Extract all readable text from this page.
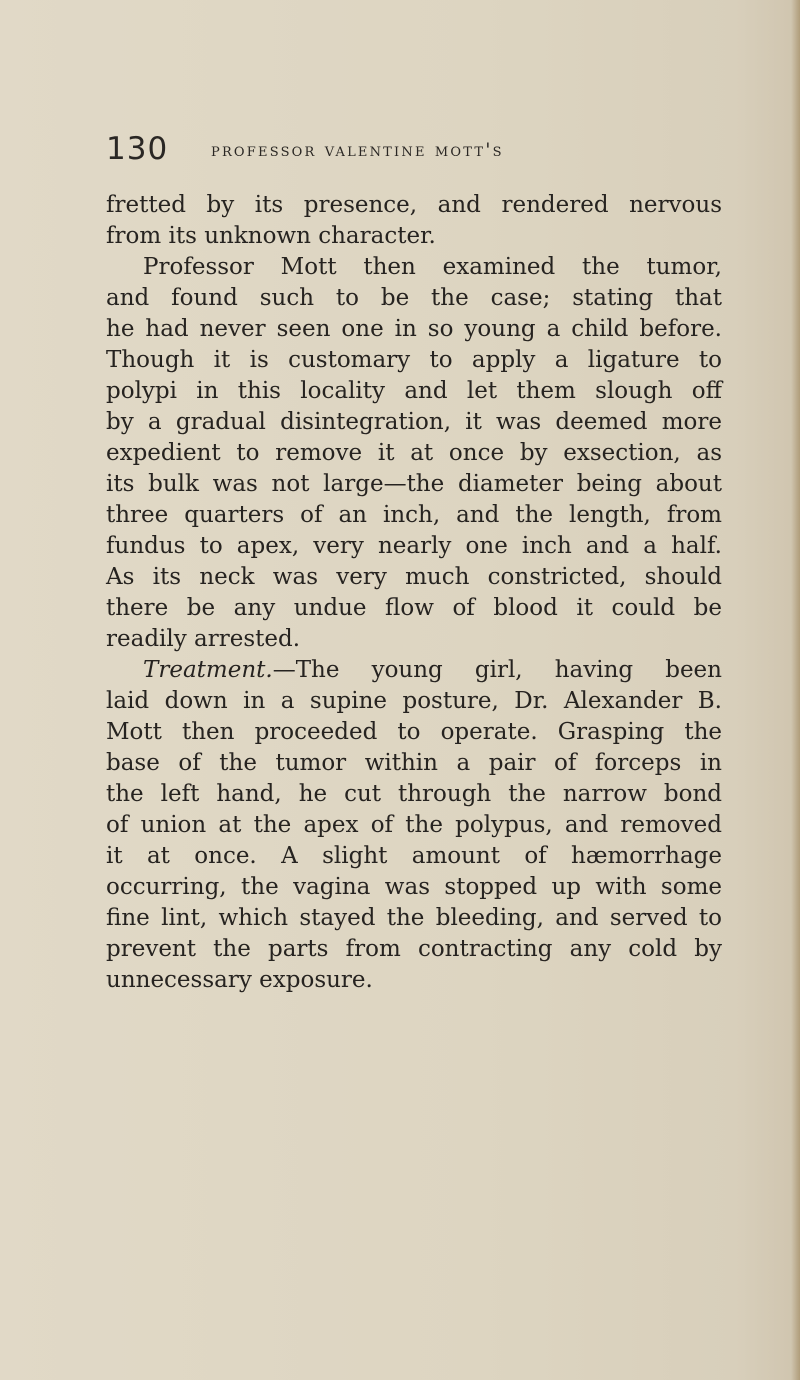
130 professor valentine mott's
fretted by its presence, and rendered nervous
from its unknown character.
Professor Mott then examined the tumor,
and found such to be the case; stating that
he had never seen one in so young a child before.
Though it is customary to apply a ligature to
polypi in this locality and let them slough off
by a gradual disintegration, it was deemed more
expedient to remove it at once by exsection, as
its bulk was not large—the diameter being about
three quarters of an inch, and the length, from
fundus to apex, very nearly one inch and a half.
As its neck was very much constricted, should
there be any undue flow of blood it could be
readily arrested.
Treatment.—The young girl, having been
laid down in a supine posture, Dr. Alexander B.
Mott then proceeded to operate. Grasping the
base of the tumor within a pair of forceps in
the left hand, he cut through the narrow bond
of union at the apex of the polypus, and removed
it at once. A slight amount of hæmorrhage
occurring, the vagina was stopped up with some
fine lint, which stayed the bleeding, and served to
prevent the parts from contracting any cold by
unnecessary exposure.
